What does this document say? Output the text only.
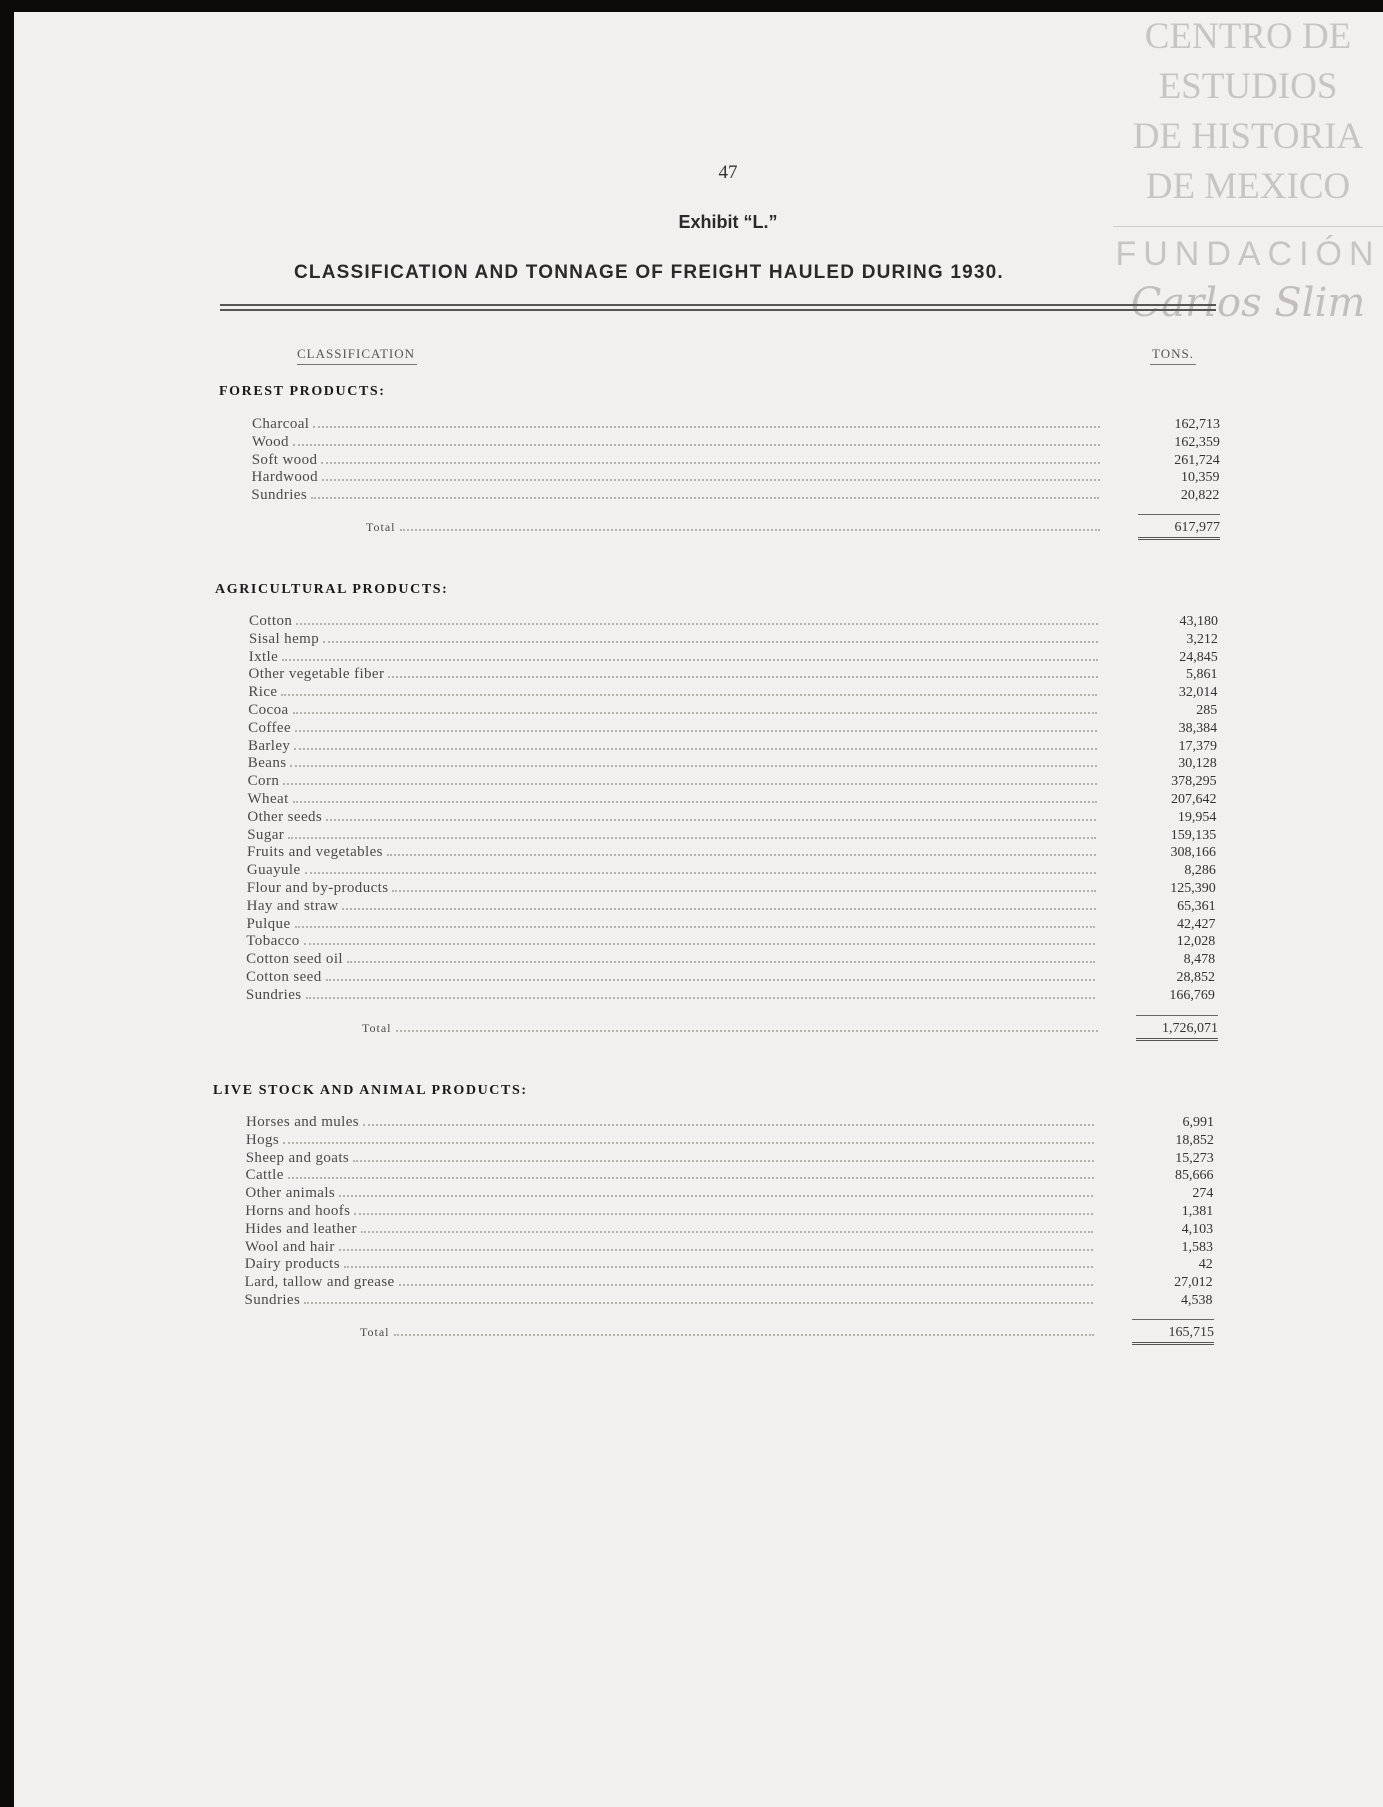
CENTRO DE
ESTUDIOS
DE HISTORIA
DE MEXICO
FUNDACIÓN
Carlos Slim
47
Exhibit “L.”
CLASSIFICATION AND TONNAGE OF FREIGHT HAULED DURING 1930.
CLASSIFICATION	TONS.
FOREST PRODUCTS:
Charcoal	162,713
Wood	162,359
Soft wood	261,724
Hardwood	10,359
Sundries	20,822
Total	617,977
AGRICULTURAL PRODUCTS:
Cotton	43,180
Sisal hemp	3,212
Ixtle	24,845
Other vegetable fiber	5,861
Rice	32,014
Cocoa	285
Coffee	38,384
Barley	17,379
Beans	30,128
Corn	378,295
Wheat	207,642
Other seeds	19,954
Sugar	159,135
Fruits and vegetables	308,166
Guayule	8,286
Flour and by-products	125,390
Hay and straw	65,361
Pulque	42,427
Tobacco	12,028
Cotton seed oil	8,478
Cotton seed	28,852
Sundries	166,769
Total	1,726,071
LIVE STOCK AND ANIMAL PRODUCTS:
Horses and mules	6,991
Hogs	18,852
Sheep and goats	15,273
Cattle	85,666
Other animals	274
Horns and hoofs	1,381
Hides and leather	4,103
Wool and hair	1,583
Dairy products	42
Lard, tallow and grease	27,012
Sundries	4,538
Total	165,715
